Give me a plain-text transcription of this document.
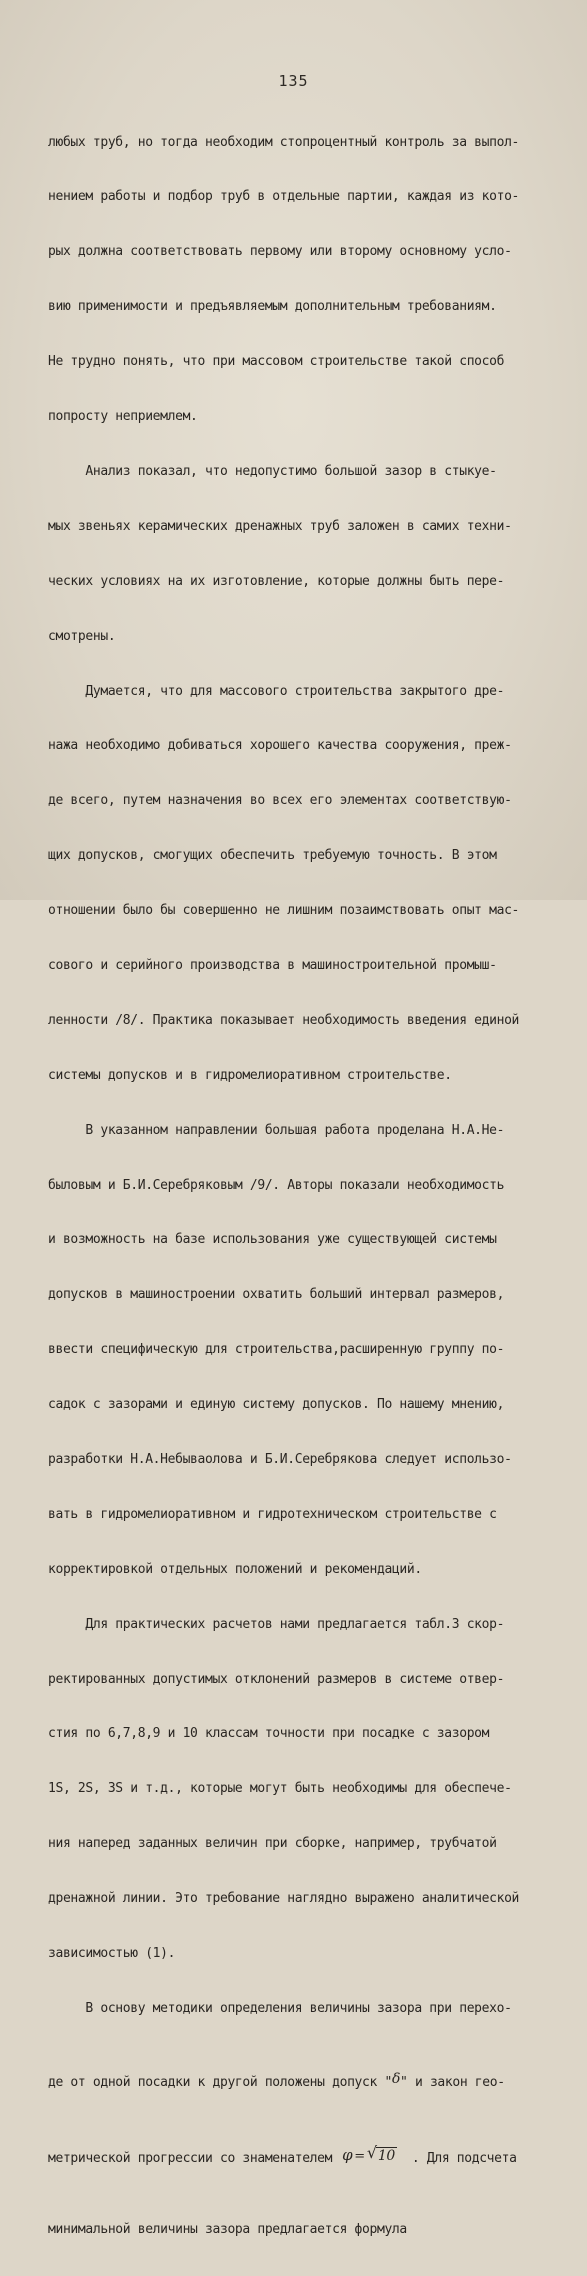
135

любых труб, но тогда необходим стопроцентный контроль за выпол-

нением работы и подбор труб в отдельные партии, каждая из кото-

рых должна соответствовать первому или второму основному усло-

вию применимости и предъявляемым дополнительным требованиям.

Не трудно понять, что при массовом строительстве такой способ

попросту неприемлем.

Анализ показал, что недопустимо большой зазор в стыкуе-

мых звеньях керамических дренажных труб заложен в самих техни-

ческих условиях на их изготовление, которые должны быть пере-

смотрены.

Думается, что для массового строительства закрытого дре-

нажа необходимо добиваться хорошего качества сооружения, преж-

де всего, путем назначения во всех его элементах соответствую-

щих допусков, смогущих обеспечить требуемую точность. В этом

отношении было бы совершенно не лишним позаимствовать опыт мас-

сового и серийного производства в машиностроительной промыш-

ленности /8/. Практика показывает необходимость введения единой

системы допусков и в гидромелиоративном строительстве.

В указанном направлении большая работа проделана Н.А.Не-

быловым и Б.И.Серебряковым /9/. Авторы показали необходимость

и возможность на базе использования уже существующей системы

допусков в машиностроении охватить больший интервал размеров,

ввести специфическую для строительства,расширенную группу по-

садок с зазорами и единую систему допусков. По нашему мнению,

разработки Н.А.Небываолова и Б.И.Серебрякова следует использо-

вать в гидромелиоративном и гидротехническом строительстве с

корректировкой отдельных положений и рекомендаций.

Для практических расчетов нами предлагается табл.3 скор-

ректированных допустимых отклонений размеров в системе отвер-

стия по 6,7,8,9 и 10 классам точности при посадке с зазором

1S, 2S, 3S и т.д., которые могут быть необходимы для обеспече-

ния наперед заданных величин при сборке, например, трубчатой

дренажной линии. Это требование наглядно выражено аналитической

зависимостью (1).

В основу методики определения величины зазора при перехо-

де от одной посадки к другой положены допуск "δ" и закон гео-

метрической прогрессии со знаменателем φ = √ 10  . Для подсчета

минимальной величины зазора предлагается формула
